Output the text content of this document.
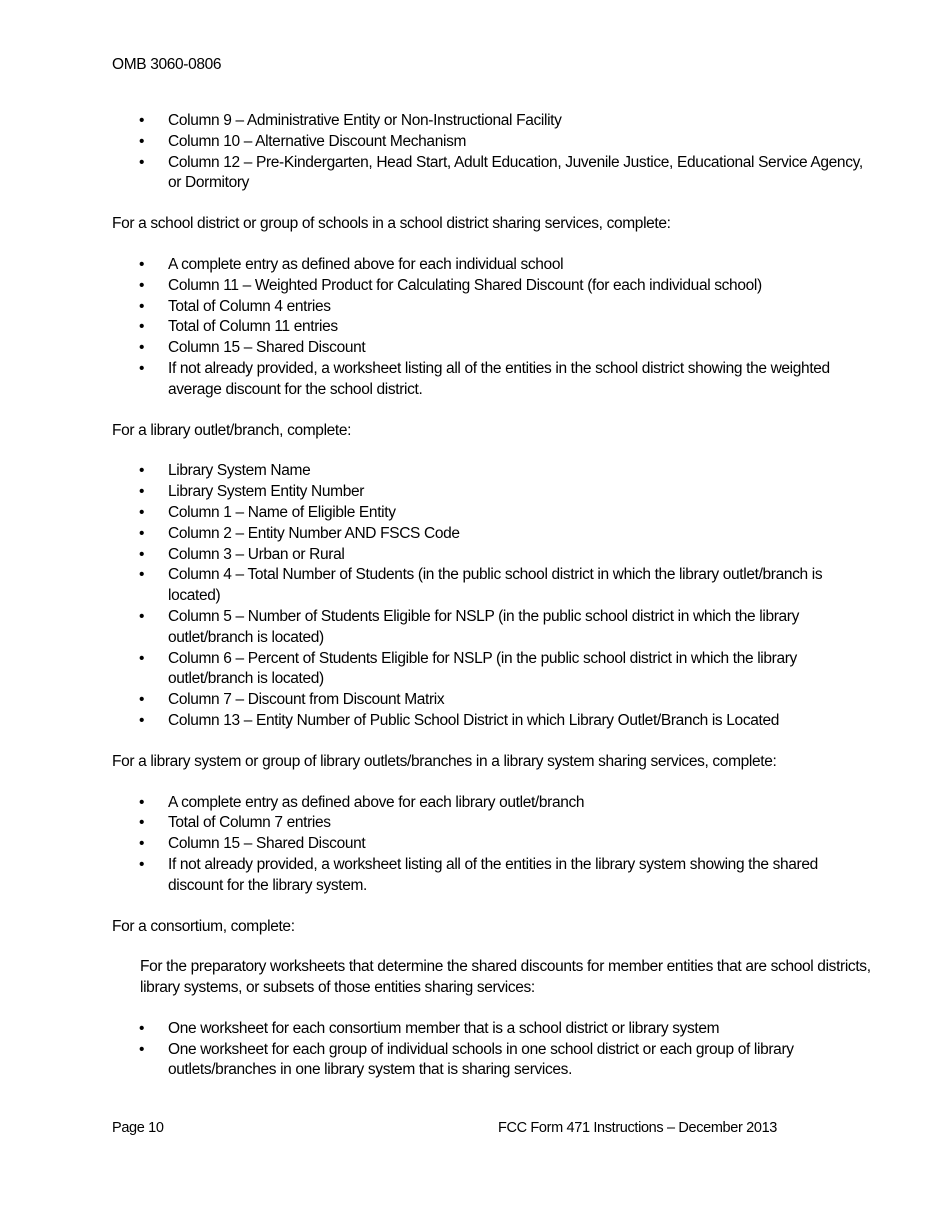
OMB 3060-0806
• Column 9 – Administrative Entity or Non-Instructional Facility
• Column 10 – Alternative Discount Mechanism
• Column 12 – Pre-Kindergarten, Head Start, Adult Education, Juvenile Justice, Educational Service Agency, or Dormitory

For a school district or group of schools in a school district sharing services, complete:

• A complete entry as defined above for each individual school
• Column 11 – Weighted Product for Calculating Shared Discount (for each individual school)
• Total of Column 4 entries
• Total of Column 11 entries
• Column 15 – Shared Discount
• If not already provided, a worksheet listing all of the entities in the school district showing the weighted average discount for the school district.

For a library outlet/branch, complete:

• Library System Name
• Library System Entity Number
• Column 1 – Name of Eligible Entity
• Column 2 – Entity Number AND FSCS Code
• Column 3 – Urban or Rural
• Column 4 – Total Number of Students (in the public school district in which the library outlet/branch is located)
• Column 5 – Number of Students Eligible for NSLP (in the public school district in which the library outlet/branch is located)
• Column 6 – Percent of Students Eligible for NSLP (in the public school district in which the library outlet/branch is located)
• Column 7 – Discount from Discount Matrix
• Column 13 – Entity Number of Public School District in which Library Outlet/Branch is Located

For a library system or group of library outlets/branches in a library system sharing services, complete:

• A complete entry as defined above for each library outlet/branch
• Total of Column 7 entries
• Column 15 – Shared Discount
• If not already provided, a worksheet listing all of the entities in the library system showing the shared discount for the library system.

For a consortium, complete:

For the preparatory worksheets that determine the shared discounts for member entities that are school districts, library systems, or subsets of those entities sharing services:

• One worksheet for each consortium member that is a school district or library system
• One worksheet for each group of individual schools in one school district or each group of library outlets/branches in one library system that is sharing services.
Page 10	FCC Form 471 Instructions – December 2013
